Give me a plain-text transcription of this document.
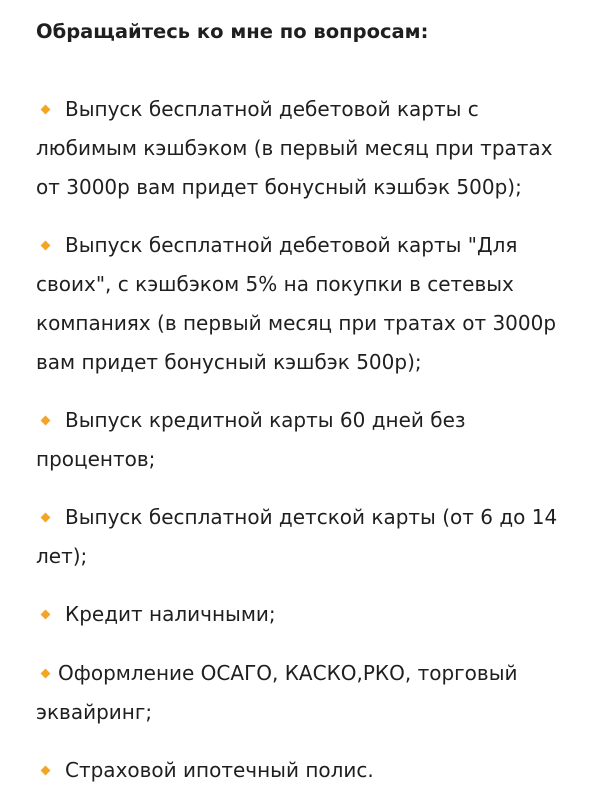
Обращайтесь ко мне по вопросам:
Выпуск бесплатной дебетовой карты с любимым кэшбэком (в первый месяц при тратах от 3000р вам придет бонусный кэшбэк 500р);
Выпуск бесплатной дебетовой карты "Для своих", с кэшбэком 5% на покупки в сетевых компаниях (в первый месяц при тратах от 3000р вам придет бонусный кэшбэк 500р);
Выпуск кредитной карты 60 дней без процентов;
Выпуск бесплатной детской карты (от 6 до 14 лет);
Кредит наличными;
Оформление ОСАГО, КАСКО,РКО, торговый эквайринг;
Страховой ипотечный полис.
